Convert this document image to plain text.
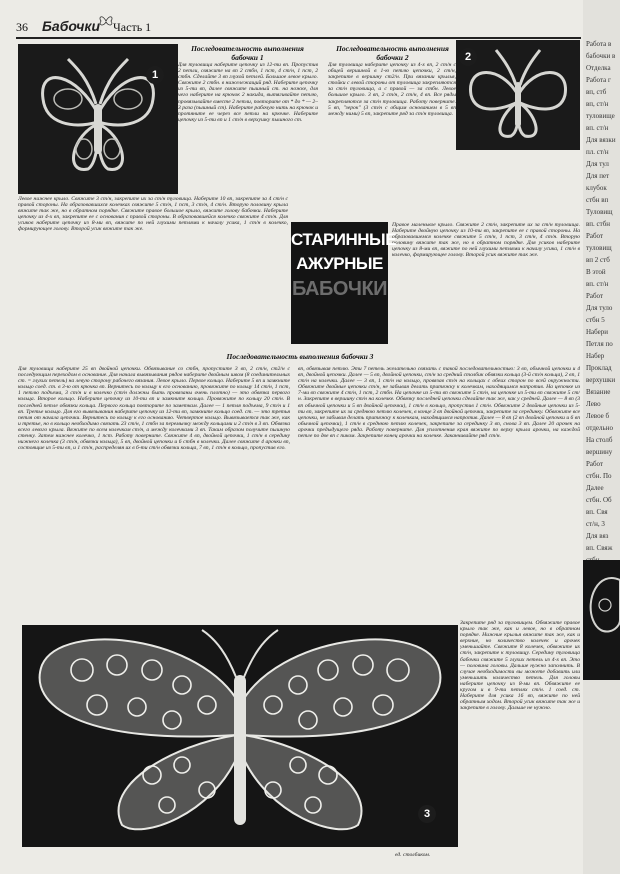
36 Бабочки Часть 1
1
Последовательность выполнения бабочки 1
Для туловища наберите цепочку из 12-ти вп. Пропустив 2 петли, свяжите на вп 2 стбн, 1 пст, 4 ст/н, 1 пст, 2 стбн. Сделайте 3 вп глухой петлей. Большое левое крыло. Свяжите 2 стбн. в нижележащий ряд. Наберите цепочку из 5-ти вп, далее свяжите пышный ст. на ножке, для чего наберите на крючок 2 накида, вытягивайте петлю, провязывайте вместе 2 петли, повторите от * до * — 2–3 раза (пышный ст). Наберите рабочую нить на крючок и протяните ее через все петли на крючке. Наберите цепочку из 5-ти вп и 1 ст/н в верхушку пышного ст.
Левое нижнее крыло. Свяжите 3 ст/н, закрепите их за ст/н туловища. Наберите 10 вп, закрепите за 4 ст/н с правой стороны. На образовавшихся колечках свяжите 5 ст/н, 1 пст, 3 ст/н, 4 ст/н. Вторую половину крыла вяжите так же, но в обратном порядке. Свяжите правое большое крыло, вяжите голову бабочки. Наберите цепочку из 4-х вп, закрепите ее с основания с правой стороны. В образовавшейся колечко свяжите 4 ст/н. Для усиков наберите цепочку из 8-ми вп, вяжите по ней глухими петлями к началу усика, 1 ст/н в колечко, формирующее голову. Второй усик вяжите так же.
Последовательность выполнения бабочки 2
Для туловища наберите цепочку из 4-х вп, 2 ст/н с общей вершиной в 1-ю петлю цепочки, 2 ст/н, закрепите в вершину ст2/н. При вязании крылья, стойки с левой стороны от туловища закрепляются за ст/н туловища, а с правой — за стбн. Левое большое крыло. 3 вп, 2 ст/н, 2 ст/н, 4 вп. Все ряды закрепляются за ст/н туловища. Работу поверните. 5 вп, "зерок" (3 ст/н с общим основанием в 5 вп между ними) 5 вп, закрепите ряд за ст/н туловища.
Правое маленькое крыло. Свяжите 2 ст/н, закрепите их за ст/н туловища. Наберите двойную цепочку из 10-ти вп, закрепите ее с правой стороны. На образовавшемся колечке свяжите 5 ст/н, 1 пст, 3 ст/н, 4 ст/н. Вторую половину вяжите так же, но в обратном порядке. Для усиков наберите цепочку из 8-ми вп, вяжите по ней глухими петлями к началу усика, 1 ст/н в колечко, формирующее голову. Второй усик вяжите так же.
2
СТАРИННЫЕ
АЖУРНЫЕ
БАБОЧКИ
Последовательность выполнения бабочки 3
Для туловища наберите 25 вп двойной цепочки. Обвязывание со стбн, пропустите 3 вп, 2 ст/н, ст2/н с последующим переходом в основание. Для начала вывязывания рядов наберите двойным швом (8 соединительных ст. = глухих петель) на левую сторону рабочего вязания. Левое крыло. Первое кольцо. Наберите 5 вп и замкните кольцо соед. ст. в 3-ю от крючка вп. Вернитесь по кольцу к его основанию, провяжите по кольцу 14 ст/н, 1 пст, 1 петлю подъема, 3 ст/н и в колечко (ст/н должны быть провязаны очень плотно) — это обвязка первого кольца. Второе кольцо. Наберите цепочку из 10-ти вп и замкните кольцо. Провяжите по кольцу 20 ст/н. В последней петле обвязки кольца. Первого кольца повторите по заметкам. Далее — 1 петля подъема, 9 ст/н и 1 вп. Третье кольцо. Для его вывязывания наберите цепочку из 12-ти вп, замкните кольцо соед. ст. — это третья петля от начала цепочки. Вернитесь по кольцу к его основанию. Четвертое кольцо. Вывязывается так же, как и третье, но в кольцо необходимо связать 23 ст/н, 1 стбн за перемычку между кольцами и 2 ст/н в 3 вп. Обвязка всего левого крыла. Вяжите по всем колечкам ст/н, а между колечками 3 вп. Таким образом получите пышную стенку. Затем нижнее колечко, 1 пст. Работу поверните. Свяжите 4 вп, двойной цепочки, 1 ст/н в середину нижнего колечка (3 ст/н, обвязки кольца), 5 вп, двойной цепочки и 6 стбн в колечки. Далее свяжите 4 арочки вп, состоящие из 5-ти вп, и 1 ст/н, распределяя их в 6-ти ст/н обвязки кольца, 7 вп, 1 ст/н в кольцо, пропустив его.
вп, обвязывая петлю. Эти 7 петель желательно связать с такой последовательностью: 3 вп, обычной цепочки и 4 вп, двойной цепочки. Далее — 5 вп, двойной цепочки, ст/н за средний столбик обвязки кольца (3-й ст/н кольца), 2 вп, 1 ст/н на колечки. Далее — 3 вп, 1 ст/н на кольцо, провязав ст/н на кольцах с обеих сторон по всей окружности. Обвяжите двойные цепочки ст/н, не забывая делать притяжку к колечкам, находящимся напротив. На цепочке из 7-ми вп свяжите 4 ст/н, 1 пст, 2 стбн. На цепочке из 5-ти вп свяжите 5 ст/н, на цепочке из 5-ти вп свяжите 5 ст/н. Закрепите в вершину ст/н на колечке. Обвязку последней цепочки сделайте так же, как у средней. Далее — 8 вп (3 вп обычной цепочки и 5 вп двойной цепочки), 1 ст/н в кольцо, пропустив 1 ст/н. Обвяжите 2 двойные цепочки из 5-ти вп, закрепите их за среднюю петлю колечек, в конце 3 вп двойной цепочки, закрепите за серединку. Обвяжите все цепочки, не забывая делать притяжку к колечкам, находящимся напротив. Далее — 8 вп (2 вп двойной цепочки и 6 вп обычной цепочки), 1 ст/н в среднюю петлю колечек, закрепите за серединку 3 вп, снова 3 вп. Далее 20 арочек на арочки предыдущего ряда. Работу поверните. Для уплотнения края вяжите по верху крыла арочки, на каждой петле по две вп с пиком. Закрепите конец арочки на колечке. Заканчивайте ряд ст/н.
Закрепите ряд за туловищем. Обвяжите правое крыло так же, как и левое, но в обратном порядке. Нижние крылья вяжите так же, как и верхние, но количество колечек и арочек уменьшайте. Свяжите 8 колечек, обвяжите их ст/н, закрепите к туловищу. Середину туловища бабочки свяжите 5 глухих петель из 4-х вп. Это — половина головы. Дальше нужно заполнить. В случае необходимости вы можете добавить или уменьшить количество петель. Для головы наберите цепочку из 8-ми вп. Обвяжите ее кругом и в 9-ти петлях ст/н. 1 соед. ст. Наберите для усика 16 вп, вяжите по ней обратным ходом. Второй усик вяжите так же и закрепите в голову. Дальше не нужно.
3
ед. столбиком.
Работа в
бабочки в
Отделка
Работа г
вп, стб
вп, ст/н
туловище
вп. ст/н
Для вязки
пл. ст/н
Для тул
Для пет
клубок
стбн вп
Туловищ
вп. стбн
Работ
туловищ
вп 2 стб
В этой
вп. ст/н
Работ
Для туло
стбн 5
Набери
Петля по
Набер
Проклад
верхушки
Вязание
Лево
Левое б
отдельно
На столб
вершину
Работ
стбн. По
Далее
стбн. Об
вп. Свя
ст/н, 3
Для вяз
вп. Свяж
